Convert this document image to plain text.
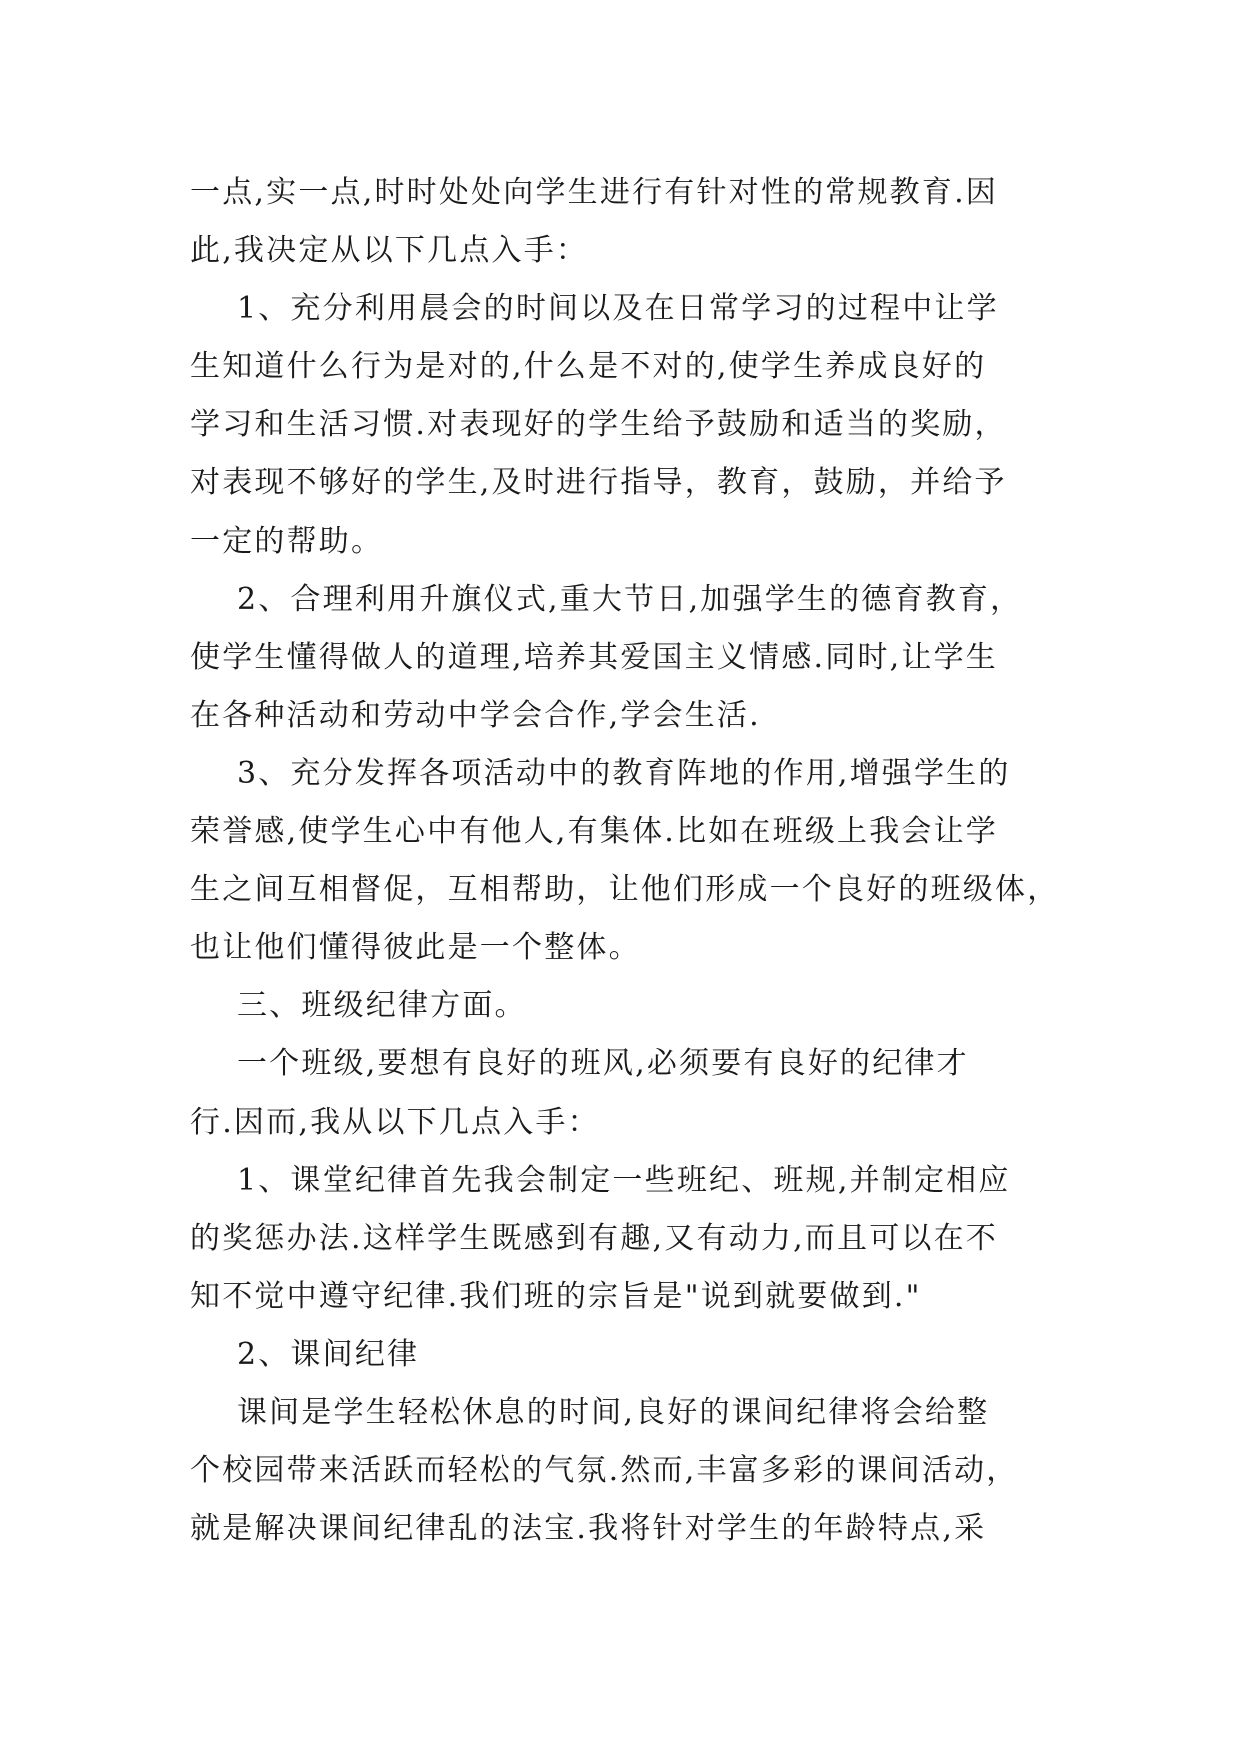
一点,实一点,时时处处向学生进行有针对性的常规教育.因
此,我决定从以下几点入手：
1、充分利用晨会的时间以及在日常学习的过程中让学
生知道什么行为是对的,什么是不对的,使学生养成良好的
学习和生活习惯.对表现好的学生给予鼓励和适当的奖励，
对表现不够好的学生,及时进行指导，教育，鼓励，并给予
一定的帮助。
2、合理利用升旗仪式,重大节日,加强学生的德育教育，
使学生懂得做人的道理,培养其爱国主义情感.同时,让学生
在各种活动和劳动中学会合作,学会生活.
3、充分发挥各项活动中的教育阵地的作用,增强学生的
荣誉感,使学生心中有他人,有集体.比如在班级上我会让学
生之间互相督促，互相帮助，让他们形成一个良好的班级体，
也让他们懂得彼此是一个整体。
三、班级纪律方面。
一个班级,要想有良好的班风,必须要有良好的纪律才
行.因而,我从以下几点入手：
1、课堂纪律首先我会制定一些班纪、班规,并制定相应
的奖惩办法.这样学生既感到有趣,又有动力,而且可以在不
知不觉中遵守纪律.我们班的宗旨是"说到就要做到."
2、课间纪律
课间是学生轻松休息的时间,良好的课间纪律将会给整
个校园带来活跃而轻松的气氛.然而,丰富多彩的课间活动，
就是解决课间纪律乱的法宝.我将针对学生的年龄特点,采
